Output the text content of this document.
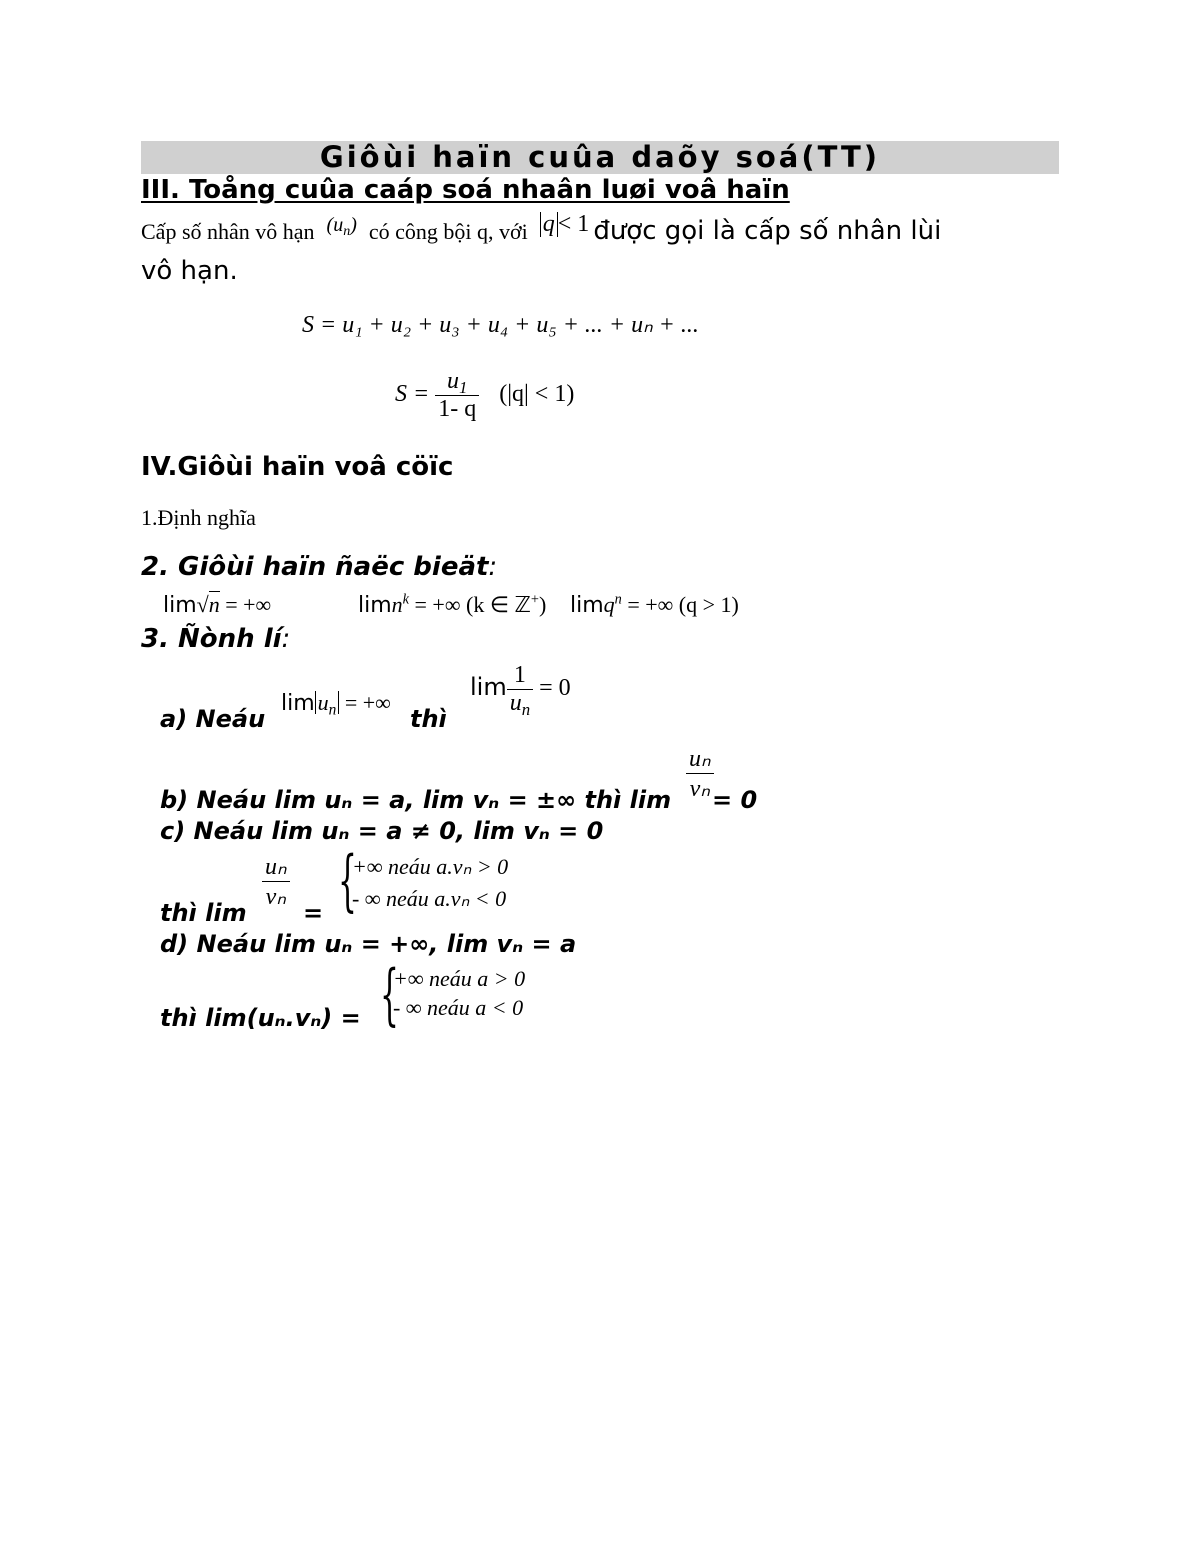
Giôùi haïn cuûa daõy soá(TT)
III. Toång cuûa caáp soá nhaân luøi voâ haïn
Cấp số nhân vô hạn $(u_n)$ có công bội q, với q < 1 được gọi là cấp số nhân lùi
vô hạn.
S = u₁ + u₂ + u₃ + u₄ + u₅ + ... + uₙ + ...
$S = \frac{u_1}{1- q} (|q| < 1)$
IV.Giôùi haïn voâ cöïc
1.Định nghĩa
2. Giôùi haïn ñaëc bieät:
lim√n = +∞	limn$^k$ = +∞ (k ∈ ℤ+) limq$^n$ = +∞ (q > 1)
3. Ñònh lí:
a) Neáu
$\lim u_n$ = +∞
thì
$\lim \frac{1}{u_n} = 0$
b) Neáu lim uₙ = a, lim vₙ = ±∞ thì $\lim \frac{\text{uₙ}}{\text{vₙ}}$
= 0
c) Neáu lim uₙ = a ≠ 0, lim vₙ = 0
$\frac{\text{uₙ}}{\text{vₙ}}$
thì lim = {
+∞ neáu a.vₙ > 0
- ∞ neáu a.vₙ < 0
d) Neáu lim uₙ = +∞, lim vₙ = a
thì lim(uₙ.vₙ) = {
+∞ neáu a > 0
- ∞ neáu a < 0
